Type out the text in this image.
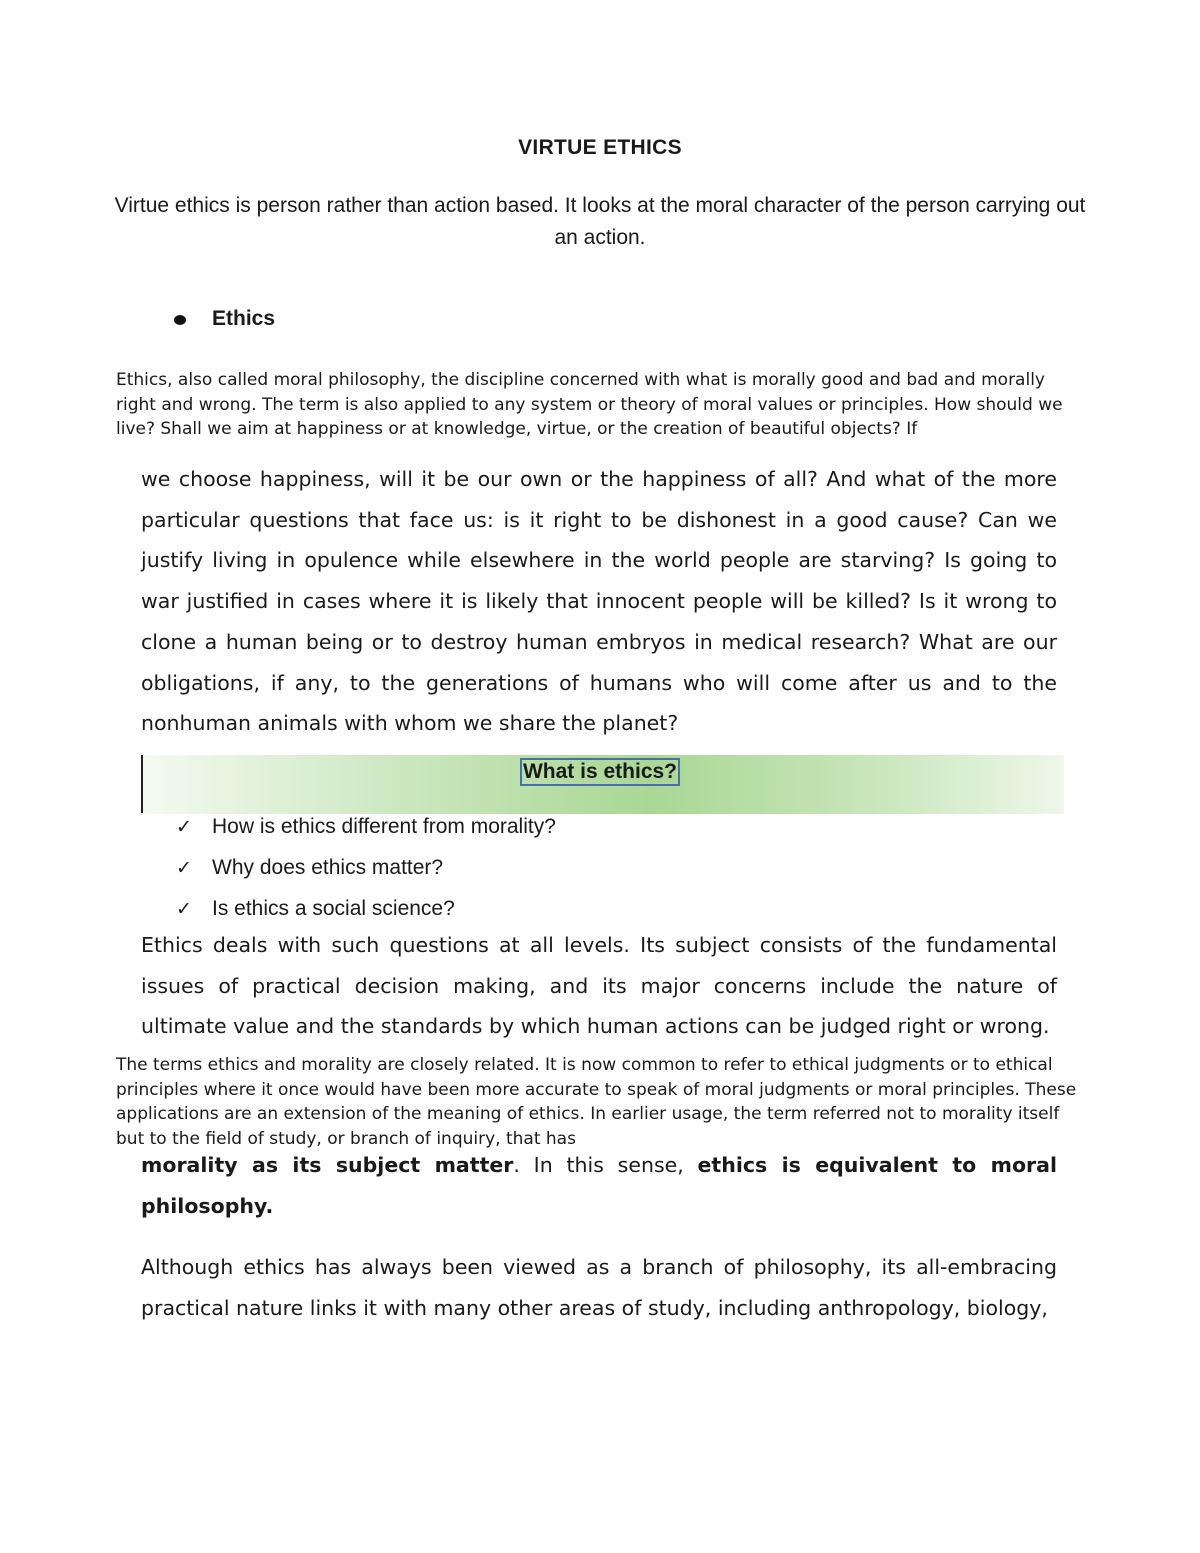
VIRTUE ETHICS
Virtue ethics is person rather than action based. It looks at the moral character of the person carrying out an action.
Ethics
Ethics, also called moral philosophy, the discipline concerned with what is morally good and bad and morally right and wrong. The term is also applied to any system or theory of moral values or principles. How should we live? Shall we aim at happiness or at knowledge, virtue, or the creation of beautiful objects? If
we choose happiness, will it be our own or the happiness of all? And what of the more particular questions that face us: is it right to be dishonest in a good cause? Can we justify living in opulence while elsewhere in the world people are starving? Is going to war justified in cases where it is likely that innocent people will be killed? Is it wrong to clone a human being or to destroy human embryos in medical research? What are our obligations, if any, to the generations of humans who will come after us and to the nonhuman animals with whom we share the planet?
What is ethics?
✓ How is ethics different from morality?
✓ Why does ethics matter?
✓ Is ethics a social science?
Ethics deals with such questions at all levels. Its subject consists of the fundamental issues of practical decision making, and its major concerns include the nature of ultimate value and the standards by which human actions can be judged right or wrong.
The terms ethics and morality are closely related. It is now common to refer to ethical judgments or to ethical principles where it once would have been more accurate to speak of moral judgments or moral principles. These applications are an extension of the meaning of ethics. In earlier usage, the term referred not to morality itself but to the field of study, or branch of inquiry, that has
morality as its subject matter. In this sense, ethics is equivalent to moral philosophy.
Although ethics has always been viewed as a branch of philosophy, its all-embracing practical nature links it with many other areas of study, including anthropology, biology,
